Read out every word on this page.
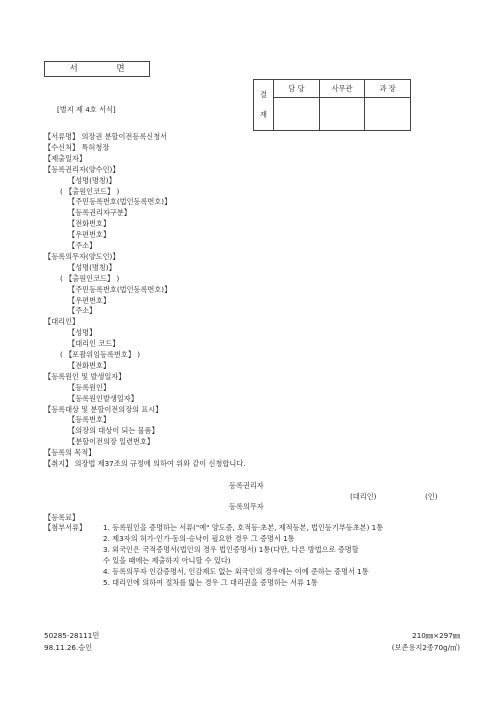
서 면
[별지 제 4호 서식]
결
재	담 당	사무관	과 장

【서류명】 의장권 분할이전등록신청서
【수신처】 특허청장
【제출일자】
【등록권리자(양수인)】
【성명(명칭)】
( 【출원인코드】 )
【주민등록번호(법인등록번호)】
【등록권리자구분】
【전화번호】
【우편번호】
【주소】
【등록의무자(양도인)】
【성명(명칭)】
( 【출원인코드】 )
【주민등록번호(법인등록번호)】
【우편번호】
【주소】
【대리인】
【성명】
【대리인 코드】
( 【포괄위임등록번호】 )
【전화번호】
【등록원인 및 발생일자】
【등록원인】
【등록원인발생일자】
【등록대상 및 분할이전의장의 표시】
【등록번호】
【의장의 대상이 되는 물품】
【분할이전의장 일련번호】
【등록의 목적】
【취지】 의장법 제37조의 규정에 의하여 위와 같이 신청합니다.
등록권리자
(대리인)	(인)
등록의무자
【등록료】
【첨부서류】 1. 등록원인을 증명하는 서류("예" 양도증, 호적등·초본, 제적등본, 법인등기부등초본) 1통
2. 제3자의 허가·인가·동의·승낙이 필요한 경우 그 증명서 1통
3. 외국인은 국적증명서(법인의 경우 법인증명서) 1통(다만, 다른 방법으로 증명할
수 있을 때에는 제출하지 아니할 수 있다)
4. 등록의무자 인감증명서, 인감제도 없는 외국인의 경우에는 이에 준하는 증명서 1통
5. 대리인에 의하여 절차를 밟는 경우 그 대리권을 증명하는 서류 1통
50285-28111민
98.11.26.승인
210㎜×297㎜
(보존용지2종70g/㎡)
